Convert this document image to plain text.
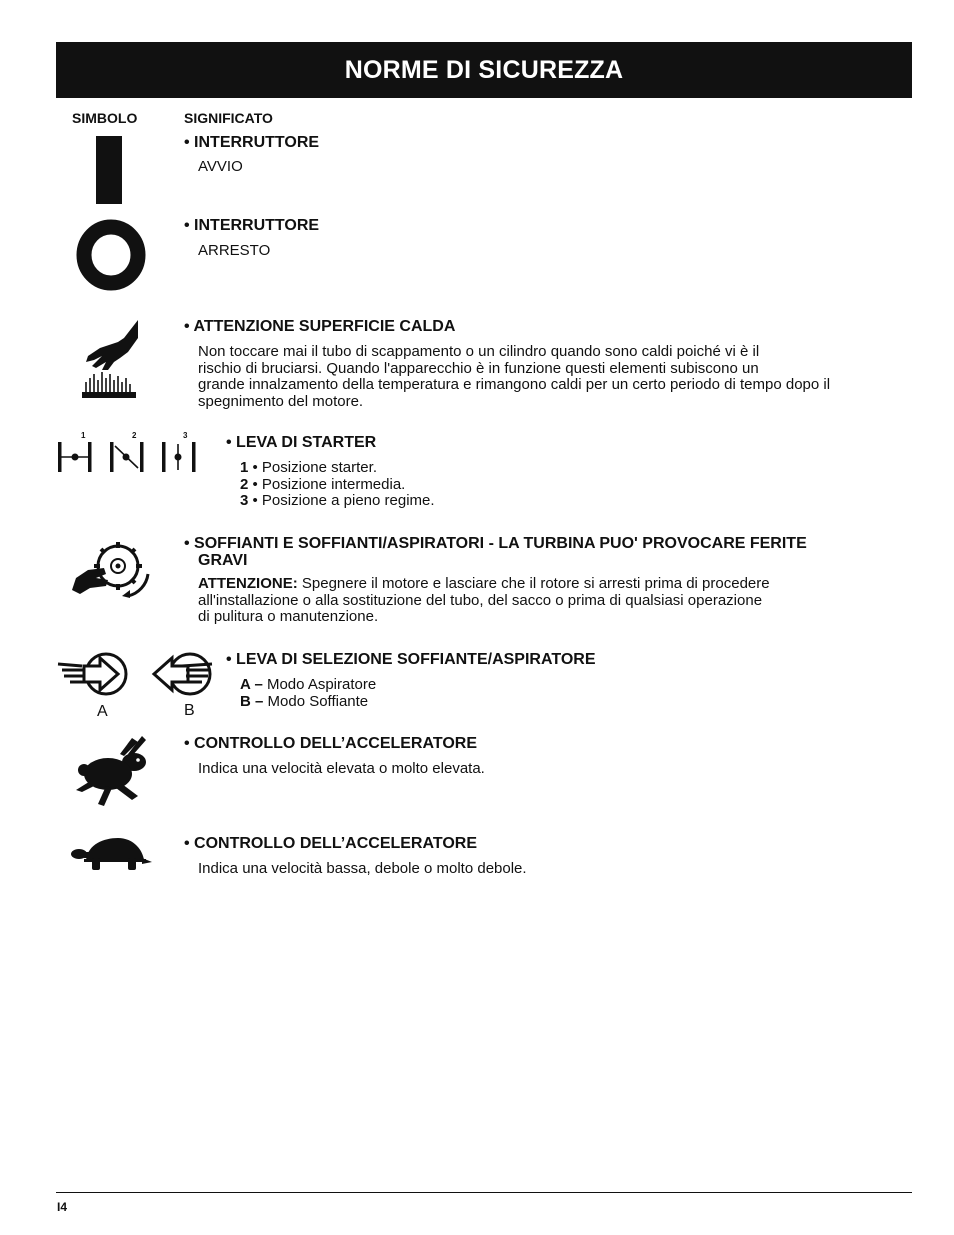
NORME DI SICUREZZA
SIMBOLO	SIGNIFICATO
• INTERRUTTORE
AVVIO
• INTERRUTTORE
ARRESTO
• ATTENZIONE SUPERFICIE CALDA
Non toccare mai il tubo di scappamento o un cilindro quando sono caldi poiché vi è il
rischio di bruciarsi. Quando l'apparecchio è in funzione questi elementi subiscono un
grande innalzamento della temperatura e rimangono caldi per un certo periodo di tempo dopo il
spegnimento del motore.
1	2	3 • LEVA DI STARTER
1 • Posizione starter.
2 • Posizione intermedia.
3 • Posizione a pieno regime.
• SOFFIANTI E SOFFIANTI/ASPIRATORI - LA TURBINA PUO' PROVOCARE FERITE
GRAVI
ATTENZIONE: Spegnere il motore e lasciare che il rotore si arresti prima di procedere
all'installazione o alla sostituzione del tubo, del sacco o prima di qualsiasi operazione
di pulitura o manutenzione.
A	B
• LEVA DI SELEZIONE SOFFIANTE/ASPIRATORE
A – Modo Aspiratore
B – Modo Soffiante
• CONTROLLO DELL’ACCELERATORE
Indica una velocità elevata o molto elevata.
• CONTROLLO DELL’ACCELERATORE
Indica una velocità bassa, debole o molto debole.
I4
